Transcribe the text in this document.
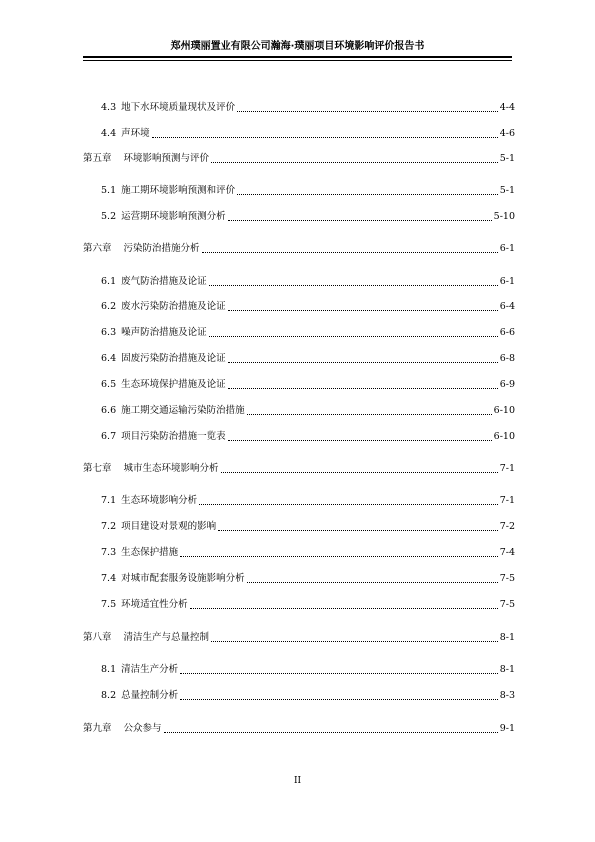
郑州璞丽置业有限公司瀚海·璞丽项目环境影响评价报告书
4.3 地下水环境质量现状及评价	4-4
4.4 声环境	4-6
第五章 环境影响预测与评价	5-1
5.1 施工期环境影响预测和评价	5-1
5.2 运营期环境影响预测分析	5-10
第六章 污染防治措施分析	6-1
6.1 废气防治措施及论证	6-1
6.2 废水污染防治措施及论证	6-4
6.3 噪声防治措施及论证	6-6
6.4 固废污染防治措施及论证	6-8
6.5 生态环境保护措施及论证	6-9
6.6 施工期交通运输污染防治措施	6-10
6.7 项目污染防治措施一览表	6-10
第七章 城市生态环境影响分析	7-1
7.1 生态环境影响分析	7-1
7.2 项目建设对景观的影响	7-2
7.3 生态保护措施	7-4
7.4 对城市配套服务设施影响分析	7-5
7.5 环境适宜性分析	7-5
第八章 清洁生产与总量控制	8-1
8.1 清洁生产分析	8-1
8.2 总量控制分析	8-3
第九章 公众参与	9-1
II
